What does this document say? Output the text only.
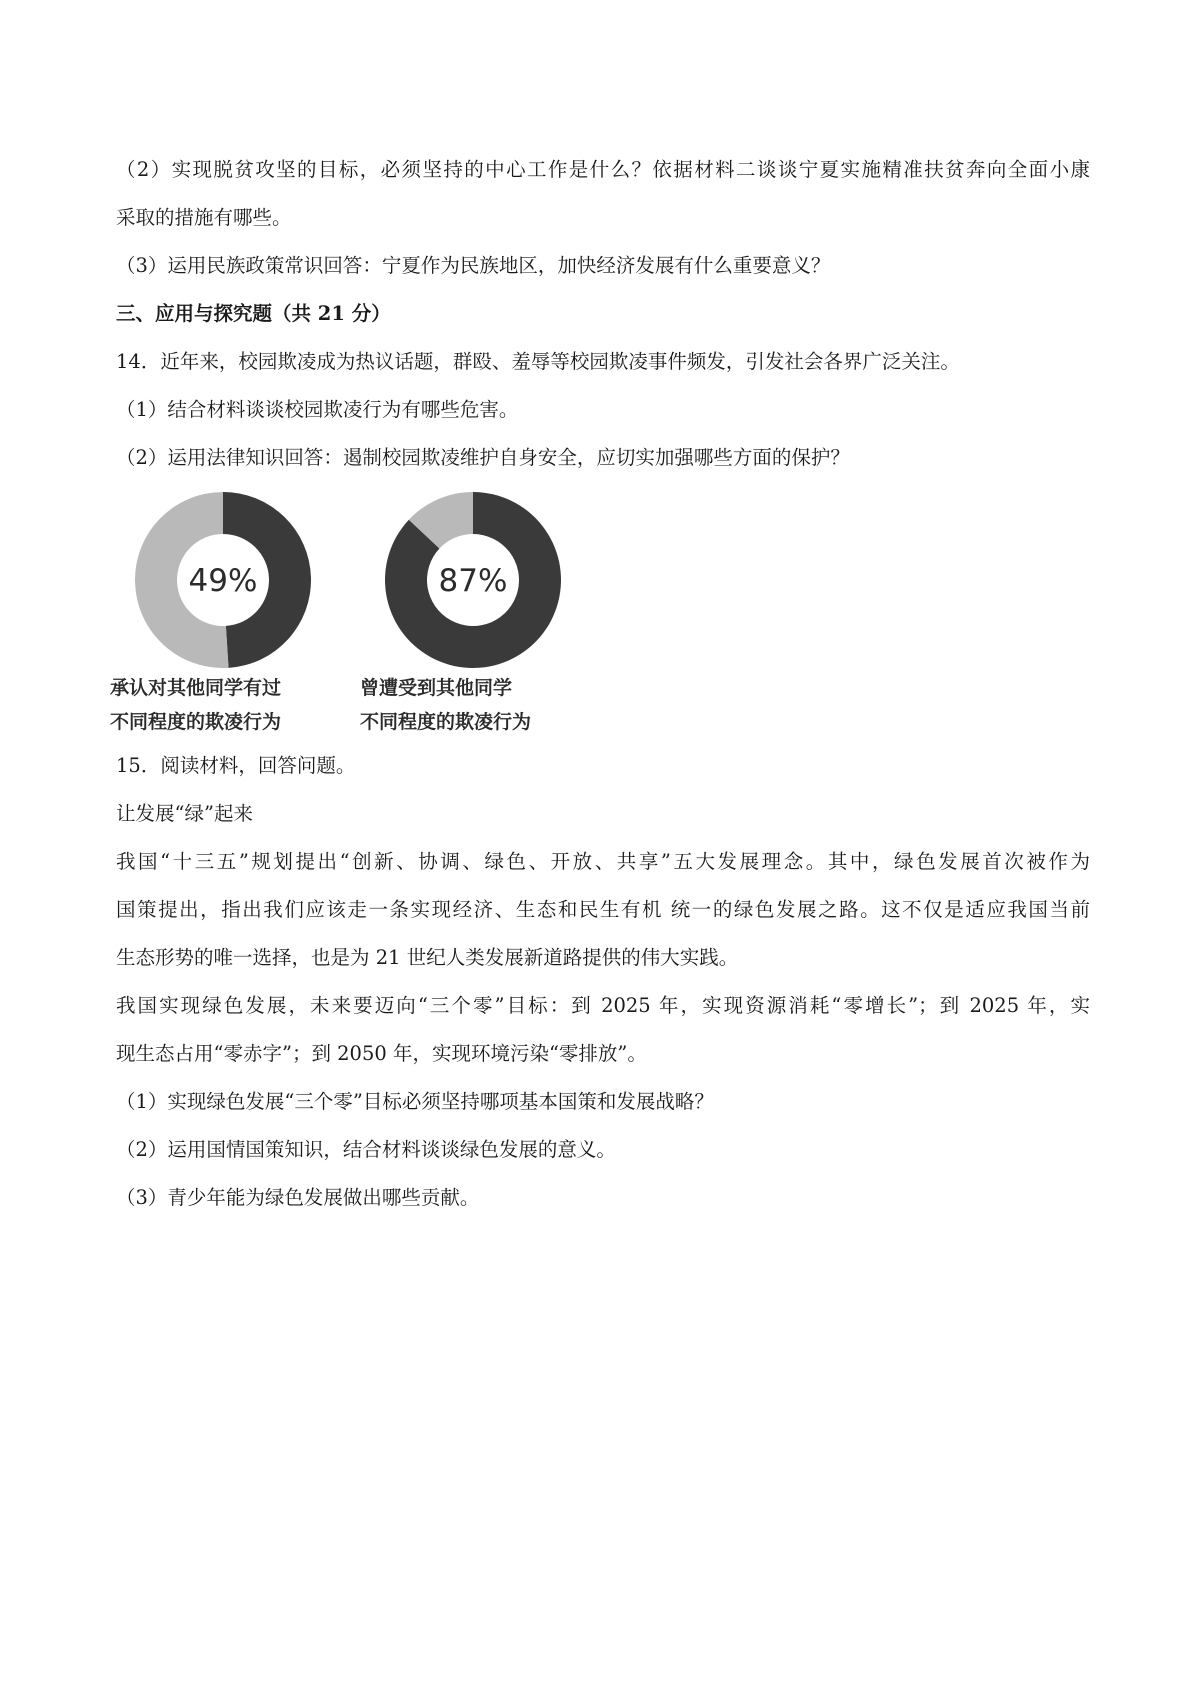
（2）实现脱贫攻坚的目标，必须坚持的中心工作是什么？依据材料二谈谈宁夏实施精准扶贫奔向全面小康
采取的措施有哪些。
（3）运用民族政策常识回答：宁夏作为民族地区，加快经济发展有什么重要意义？
三、应用与探究题（共 21 分）
14．近年来，校园欺凌成为热议话题，群殴、羞辱等校园欺凌事件频发，引发社会各界广泛关注。
（1）结合材料谈谈校园欺凌行为有哪些危害。
（2）运用法律知识回答：遏制校园欺凌维护自身安全，应切实加强哪些方面的保护？
49%
承认对其他同学有过
不同程度的欺凌行为
87%
曾遭受到其他同学
不同程度的欺凌行为
15．阅读材料，回答问题。
让发展“绿”起来
我国“十三五”规划提出“创新、协调、绿色、开放、共享”五大发展理念。其中，绿色发展首次被作为
国策提出，指出我们应该走一条实现经济、生态和民生有机 统一的绿色发展之路。这不仅是适应我国当前
生态形势的唯一选择，也是为 21 世纪人类发展新道路提供的伟大实践。
我国实现绿色发展，未来要迈向“三个零”目标：到 2025 年，实现资源消耗“零增长”；到 2025 年，实
现生态占用“零赤字”；到 2050 年，实现环境污染“零排放”。
（1）实现绿色发展“三个零”目标必须坚持哪项基本国策和发展战略？
（2）运用国情国策知识，结合材料谈谈绿色发展的意义。
（3）青少年能为绿色发展做出哪些贡献。
